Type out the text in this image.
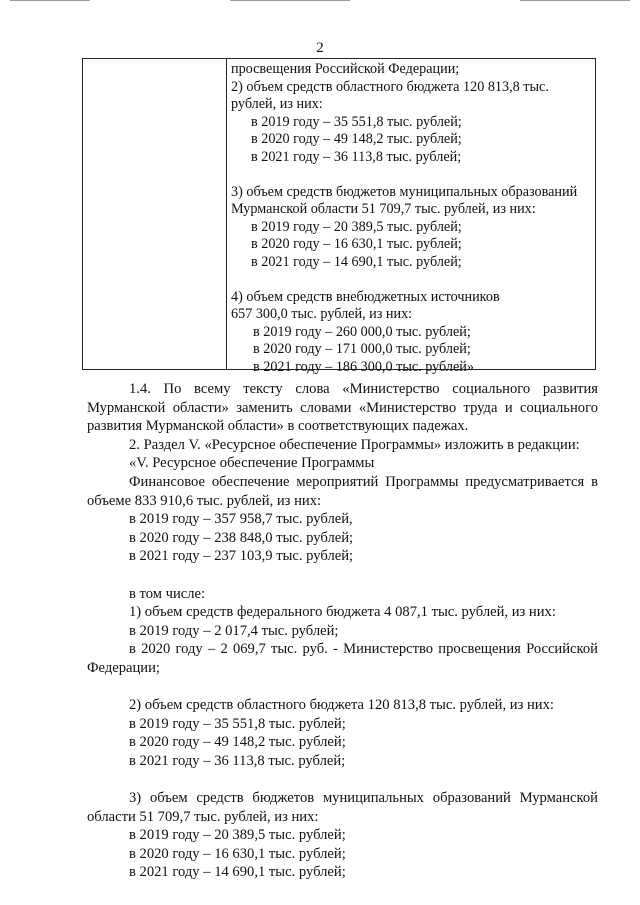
2
просвещения Российской Федерации;
2) объем средств областного бюджета 120 813,8 тыс.
рублей, из них:
в 2019 году – 35 551,8 тыс. рублей;
в 2020 году – 49 148,2 тыс. рублей;
в 2021 году – 36 113,8 тыс. рублей;
3) объем средств бюджетов муниципальных образований
Мурманской области 51 709,7 тыс. рублей, из них:
в 2019 году – 20 389,5 тыс. рублей;
в 2020 году – 16 630,1 тыс. рублей;
в 2021 году – 14 690,1 тыс. рублей;
4) объем средств внебюджетных источников
657 300,0 тыс. рублей, из них:
в 2019 году – 260 000,0 тыс. рублей;
в 2020 году – 171 000,0 тыс. рублей;
в 2021 году – 186 300,0 тыс. рублей»
1.4. По всему тексту слова «Министерство социального развития
Мурманской области» заменить словами «Министерство труда и социального
развития Мурманской области» в соответствующих падежах.
2. Раздел V. «Ресурсное обеспечение Программы» изложить в редакции:
«V. Ресурсное обеспечение Программы
Финансовое обеспечение мероприятий Программы предусматривается в
объеме 833 910,6 тыс. рублей, из них:
в 2019 году – 357 958,7 тыс. рублей,
в 2020 году – 238 848,0 тыс. рублей;
в 2021 году – 237 103,9 тыс. рублей;
в том числе:
1) объем средств федерального бюджета 4 087,1 тыс. рублей, из них:
в 2019 году – 2 017,4 тыс. рублей;
в 2020 году – 2 069,7 тыс. руб. - Министерство просвещения Российской
Федерации;
2) объем средств областного бюджета 120 813,8 тыс. рублей, из них:
в 2019 году – 35 551,8 тыс. рублей;
в 2020 году – 49 148,2 тыс. рублей;
в 2021 году – 36 113,8 тыс. рублей;
3) объем средств бюджетов муниципальных образований Мурманской
области 51 709,7 тыс. рублей, из них:
в 2019 году – 20 389,5 тыс. рублей;
в 2020 году – 16 630,1 тыс. рублей;
в 2021 году – 14 690,1 тыс. рублей;
